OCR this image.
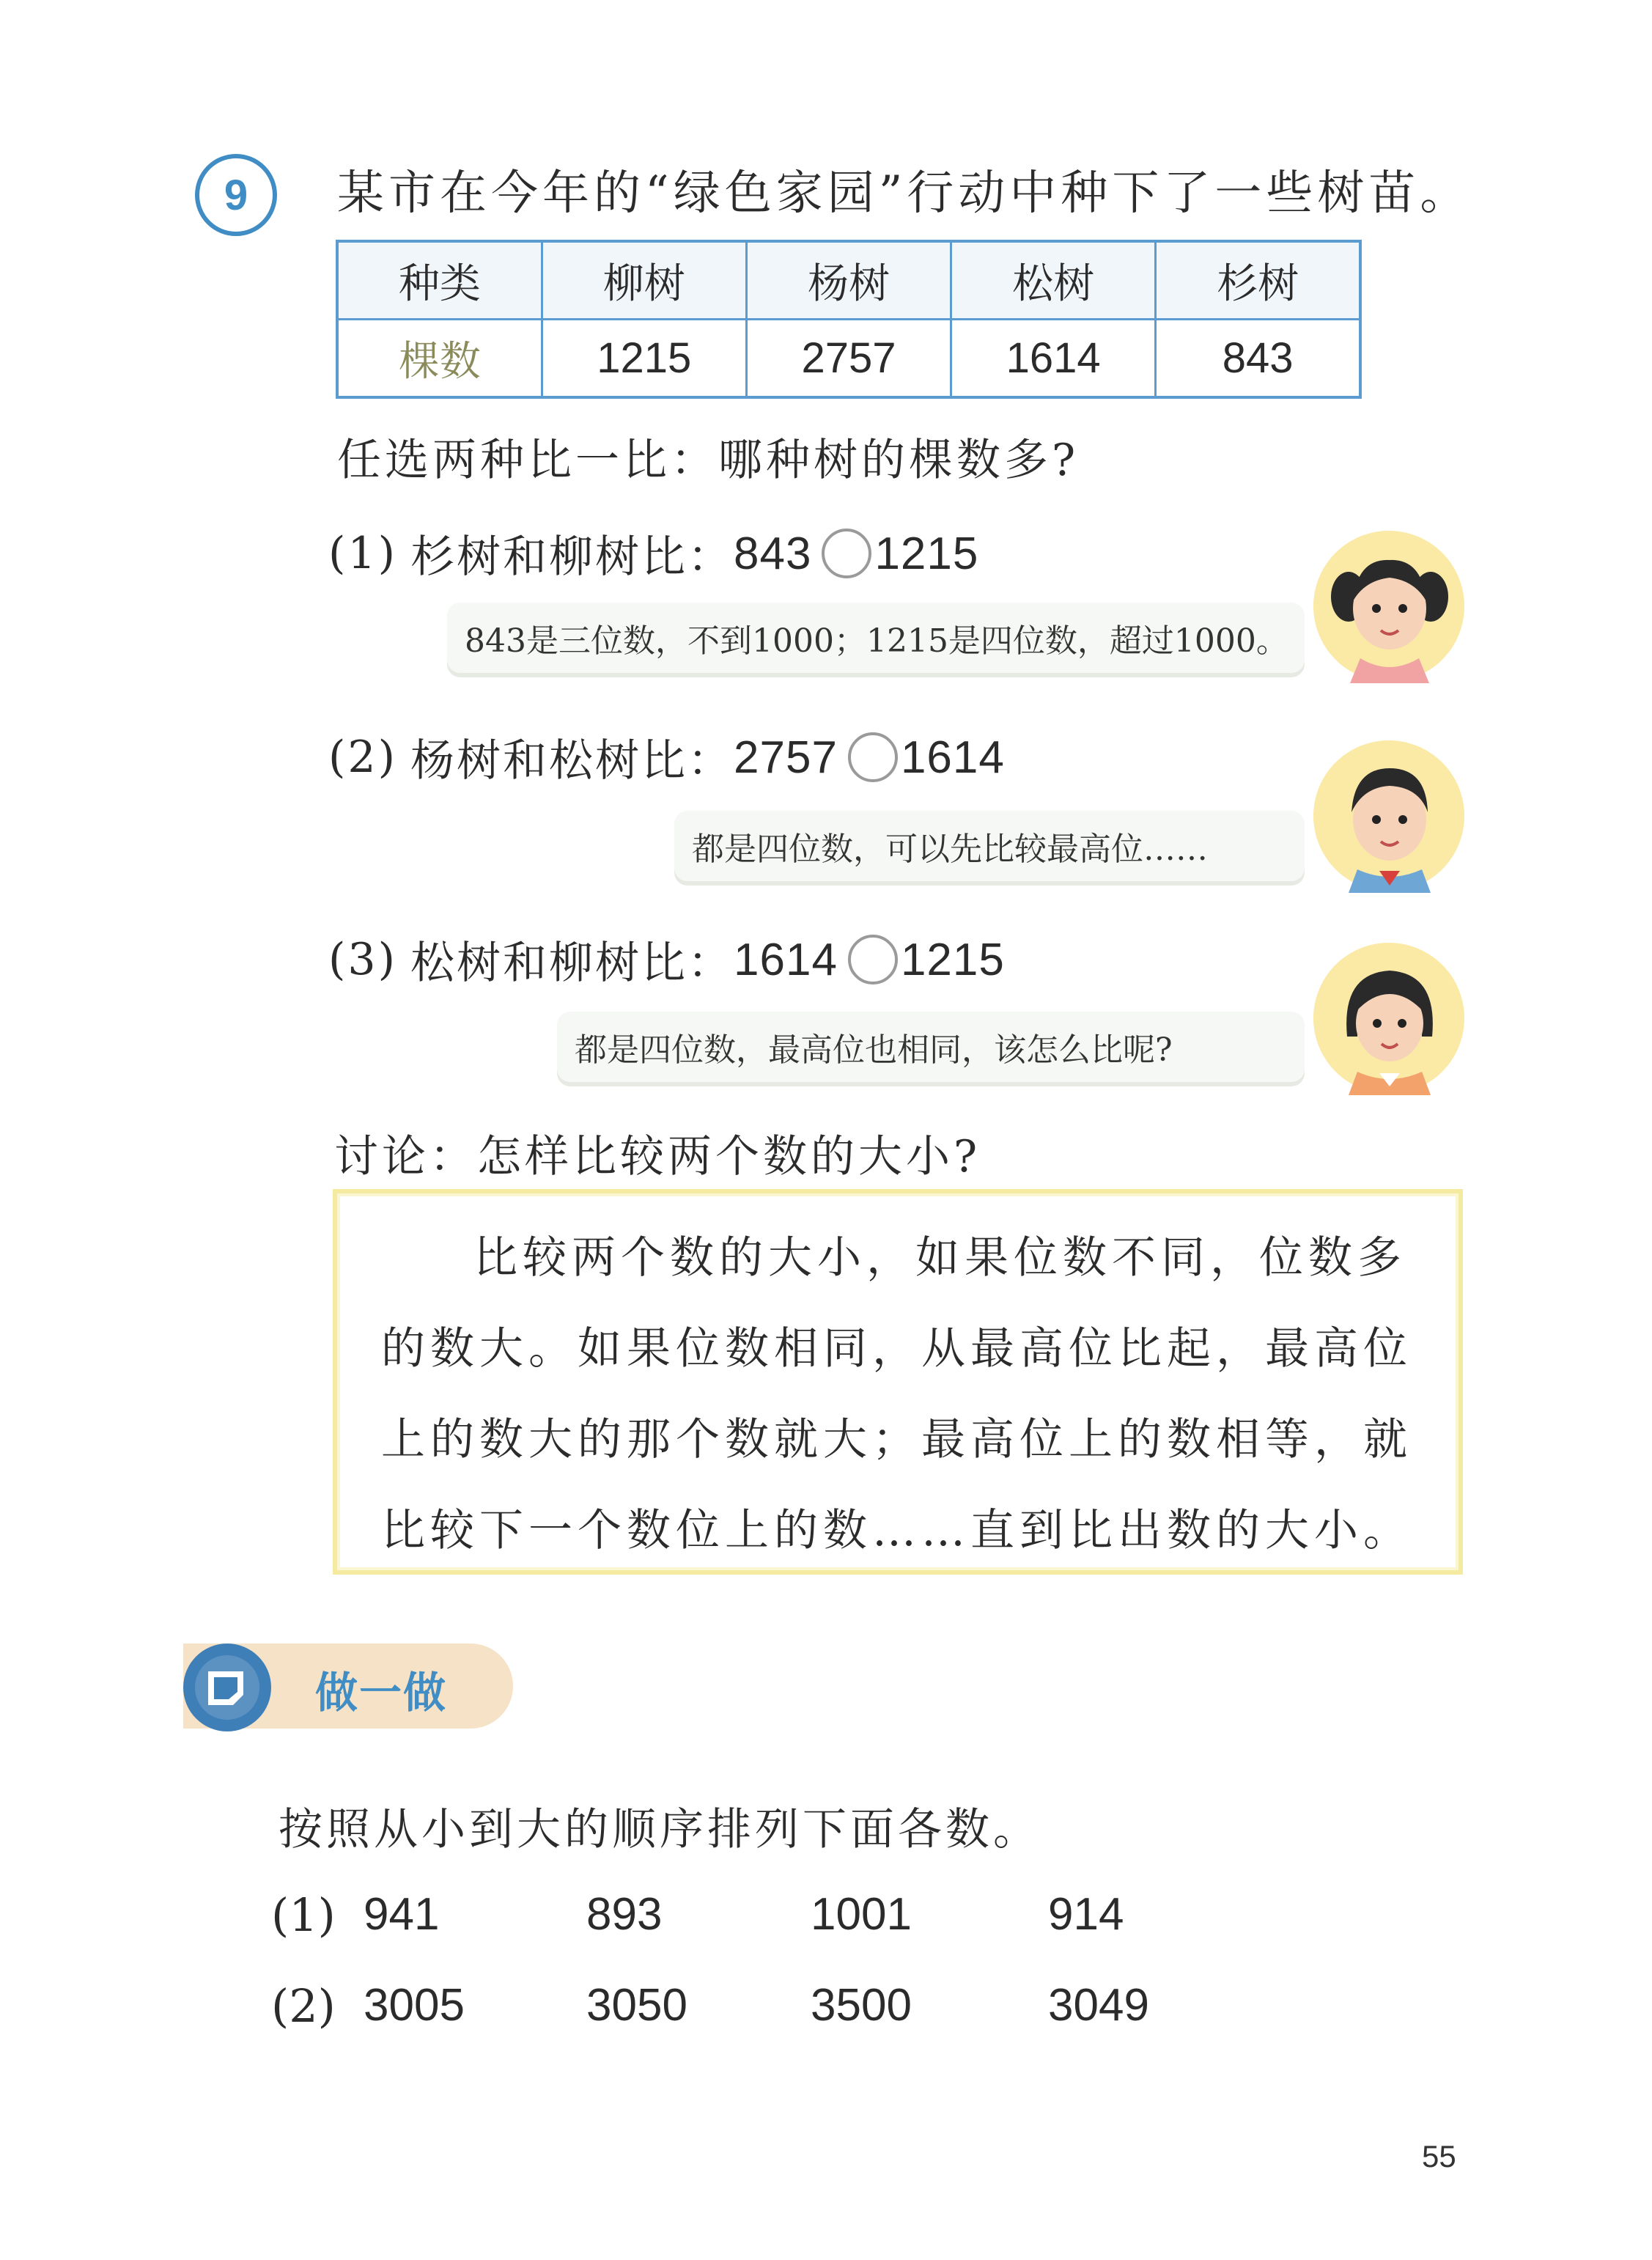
9 某市在今年的“绿色家园”行动中种下了一些树苗。
种类	柳树	杨树	松树	杉树
棵数	1215	2757	1614	843
任选两种比一比：哪种树的棵数多?
(1) 杉树和柳树比： 843 1215
843是三位数，不到1000；1215是四位数，超过1000。
(2) 杨树和松树比： 2757 1614
都是四位数，可以先比较最高位……
(3) 松树和柳树比： 1614 1215
都是四位数，最高位也相同，该怎么比呢?
讨论：怎样比较两个数的大小?
比较两个数的大小，如果位数不同，位数多
的数大。如果位数相同，从最高位比起，最高位
上的数大的那个数就大；最高位上的数相等，就
比较下一个数位上的数……直到比出数的大小。
做一做
按照从小到大的顺序排列下面各数。
(1) 941	893	1001	914
(2) 3005	3050	3500	3049
55
